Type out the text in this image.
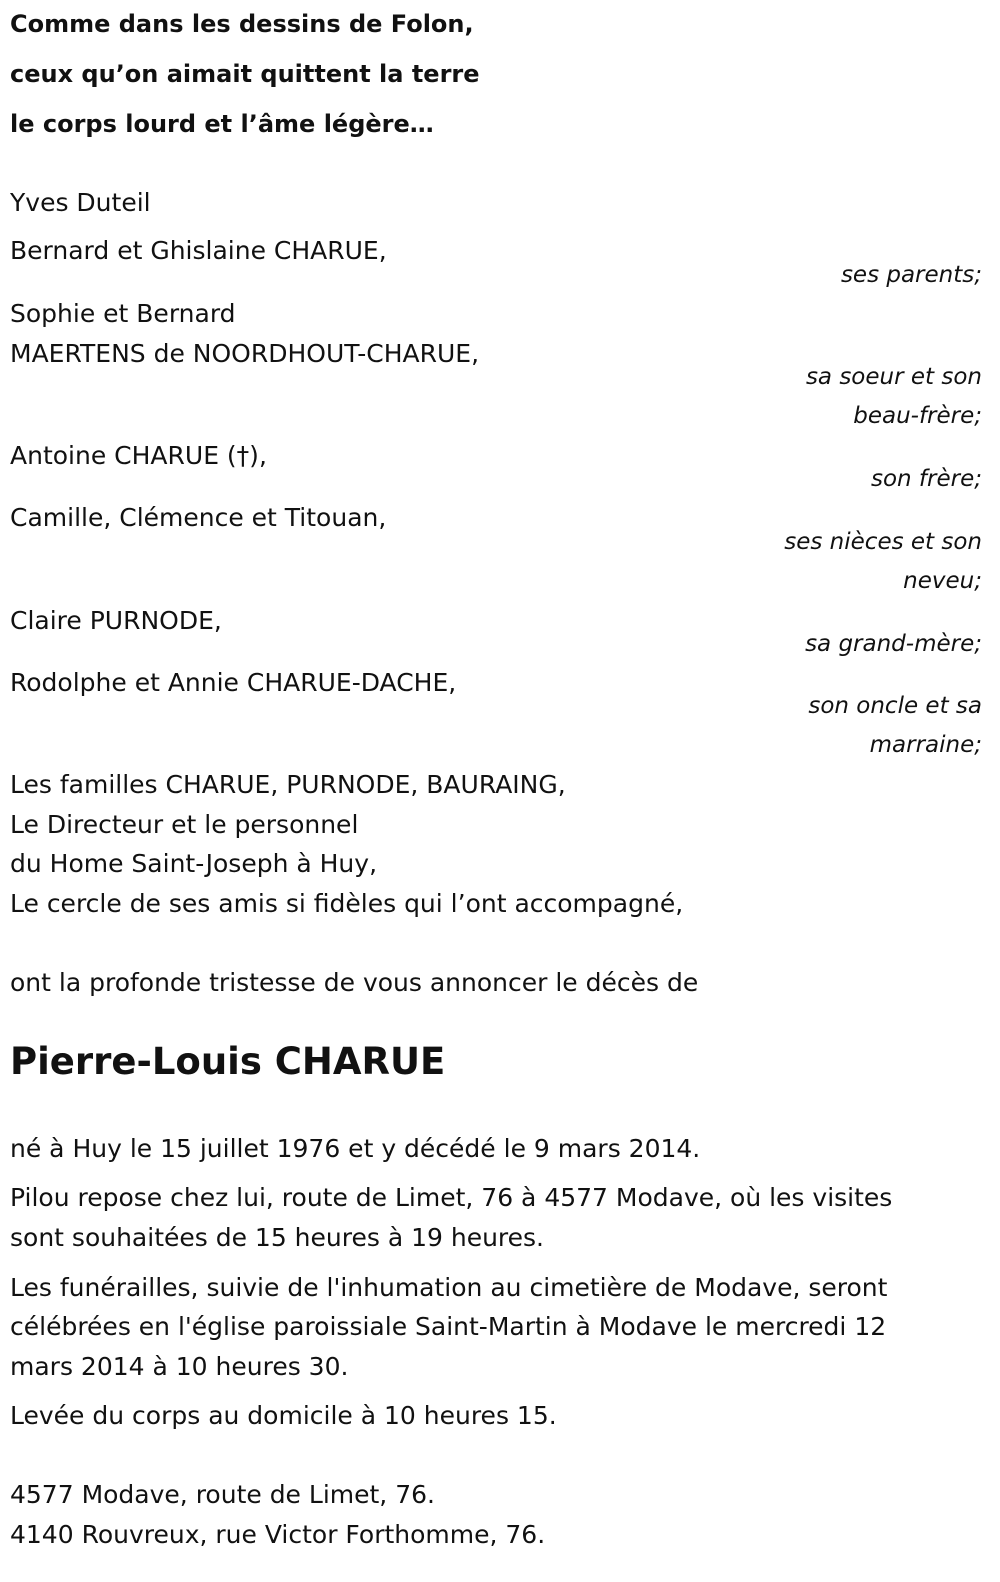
Comme dans les dessins de Folon,
ceux qu’on aimait quittent la terre
le corps lourd et l’âme légère…
Yves Duteil
Bernard et Ghislaine CHARUE,
ses parents;
Sophie et Bernard
MAERTENS de NOORDHOUT-CHARUE,
sa soeur et son
beau-frère;
Antoine CHARUE (†),
son frère;
Camille, Clémence et Titouan,
ses nièces et son
neveu;
Claire PURNODE,
sa grand-mère;
Rodolphe et Annie CHARUE-DACHE,
son oncle et sa
marraine;
Les familles CHARUE, PURNODE, BAURAING,
Le Directeur et le personnel
du Home Saint-Joseph à Huy,
Le cercle de ses amis si fidèles qui l’ont accompagné,
ont la profonde tristesse de vous annoncer le décès de
Pierre-Louis CHARUE
né à Huy le 15 juillet 1976 et y décédé le 9 mars 2014.
Pilou repose chez lui, route de Limet, 76 à 4577 Modave, où les visites
sont souhaitées de 15 heures à 19 heures.
Les funérailles, suivie de l'inhumation au cimetière de Modave, seront
célébrées en l'église paroissiale Saint-Martin à Modave le mercredi 12
mars 2014 à 10 heures 30.
Levée du corps au domicile à 10 heures 15.
4577 Modave, route de Limet, 76.
4140 Rouvreux, rue Victor Forthomme, 76.
